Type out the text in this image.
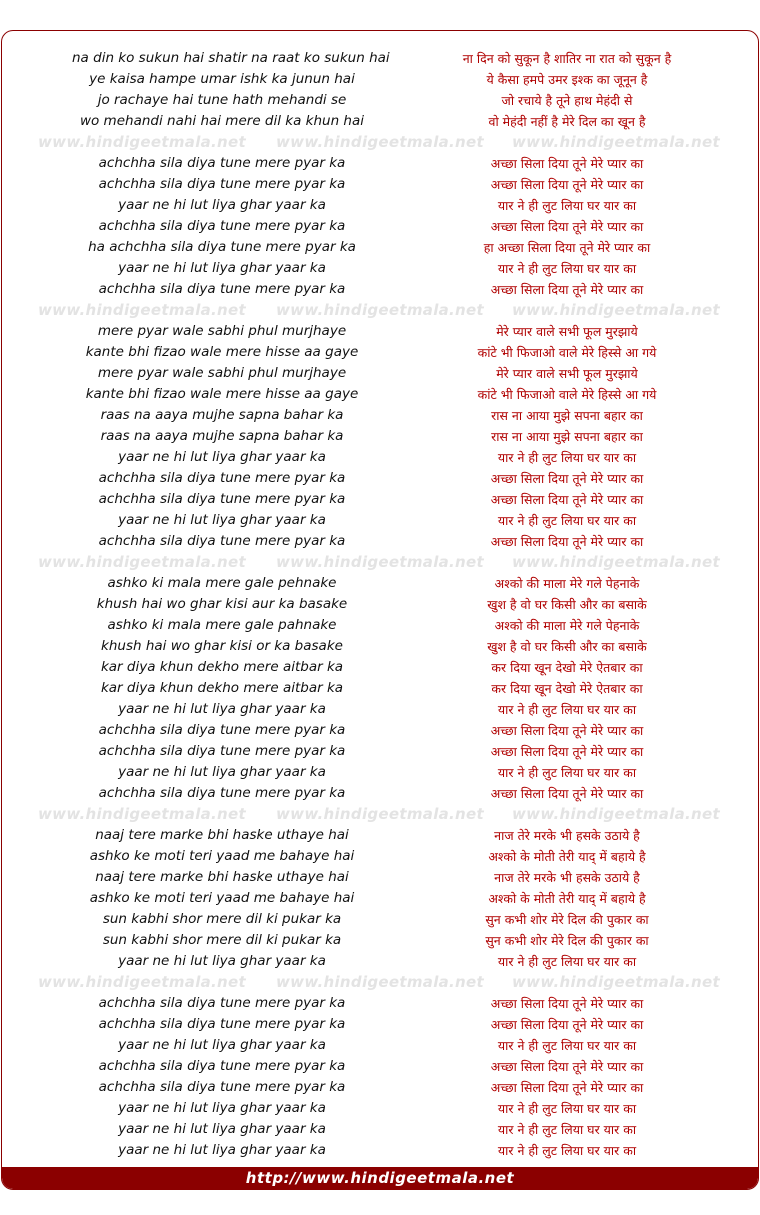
na din ko sukun hai shatir na raat ko sukun hai	ना दिन को सुकून है शातिर ना रात को सुकून है
ye kaisa hampe umar ishk ka junun hai	ये कैसा हमपे उमर इश्क का जूनून है
jo rachaye hai tune hath mehandi se	जो रचाये है तूने हाथ मेहंदी से
wo mehandi nahi hai mere dil ka khun hai	वो मेहंदी नहीं है मेरे दिल का खून है
www.hindigeetmala.net	www.hindigeetmala.net	www.hindigeetmala.net
achchha sila diya tune mere pyar ka	अच्छा सिला दिया तूने मेरे प्यार का
achchha sila diya tune mere pyar ka	अच्छा सिला दिया तूने मेरे प्यार का
yaar ne hi lut liya ghar yaar ka	यार ने ही लुट लिया घर यार का
achchha sila diya tune mere pyar ka	अच्छा सिला दिया तूने मेरे प्यार का
ha achchha sila diya tune mere pyar ka	हा अच्छा सिला दिया तूने मेरे प्यार का
yaar ne hi lut liya ghar yaar ka	यार ने ही लुट लिया घर यार का
achchha sila diya tune mere pyar ka	अच्छा सिला दिया तूने मेरे प्यार का
www.hindigeetmala.net	www.hindigeetmala.net	www.hindigeetmala.net
mere pyar wale sabhi phul murjhaye	मेरे प्यार वाले सभी फूल मुरझाये
kante bhi fizao wale mere hisse aa gaye	कांटे भी फिजाओ वाले मेरे हिस्से आ गये
mere pyar wale sabhi phul murjhaye	मेरे प्यार वाले सभी फूल मुरझाये
kante bhi fizao wale mere hisse aa gaye	कांटे भी फिजाओ वाले मेरे हिस्से आ गये
raas na aaya mujhe sapna bahar ka	रास ना आया मुझे सपना बहार का
raas na aaya mujhe sapna bahar ka	रास ना आया मुझे सपना बहार का
yaar ne hi lut liya ghar yaar ka	यार ने ही लुट लिया घर यार का
achchha sila diya tune mere pyar ka	अच्छा सिला दिया तूने मेरे प्यार का
achchha sila diya tune mere pyar ka	अच्छा सिला दिया तूने मेरे प्यार का
yaar ne hi lut liya ghar yaar ka	यार ने ही लुट लिया घर यार का
achchha sila diya tune mere pyar ka	अच्छा सिला दिया तूने मेरे प्यार का
www.hindigeetmala.net	www.hindigeetmala.net	www.hindigeetmala.net
ashko ki mala mere gale pehnake	अश्को की माला मेरे गले पेहनाके
khush hai wo ghar kisi aur ka basake	खुश है वो घर किसी और का बसाके
ashko ki mala mere gale pahnake	अश्को की माला मेरे गले पेहनाके
khush hai wo ghar kisi or ka basake	खुश है वो घर किसी और का बसाके
kar diya khun dekho mere aitbar ka	कर दिया खून देखो मेरे ऐतबार का
kar diya khun dekho mere aitbar ka	कर दिया खून देखो मेरे ऐतबार का
yaar ne hi lut liya ghar yaar ka	यार ने ही लुट लिया घर यार का
achchha sila diya tune mere pyar ka	अच्छा सिला दिया तूने मेरे प्यार का
achchha sila diya tune mere pyar ka	अच्छा सिला दिया तूने मेरे प्यार का
yaar ne hi lut liya ghar yaar ka	यार ने ही लुट लिया घर यार का
achchha sila diya tune mere pyar ka	अच्छा सिला दिया तूने मेरे प्यार का
www.hindigeetmala.net	www.hindigeetmala.net	www.hindigeetmala.net
naaj tere marke bhi haske uthaye hai	नाज तेरे मरके भी हसके उठाये है
ashko ke moti teri yaad me bahaye hai	अश्को के मोती तेरी याद् में बहाये है
naaj tere marke bhi haske uthaye hai	नाज तेरे मरके भी हसके उठाये है
ashko ke moti teri yaad me bahaye hai	अश्को के मोती तेरी याद् में बहाये है
sun kabhi shor mere dil ki pukar ka	सुन कभी शोर मेरे दिल की पुकार का
sun kabhi shor mere dil ki pukar ka	सुन कभी शोर मेरे दिल की पुकार का
yaar ne hi lut liya ghar yaar ka	यार ने ही लुट लिया घर यार का
www.hindigeetmala.net	www.hindigeetmala.net	www.hindigeetmala.net
achchha sila diya tune mere pyar ka	अच्छा सिला दिया तूने मेरे प्यार का
achchha sila diya tune mere pyar ka	अच्छा सिला दिया तूने मेरे प्यार का
yaar ne hi lut liya ghar yaar ka	यार ने ही लुट लिया घर यार का
achchha sila diya tune mere pyar ka	अच्छा सिला दिया तूने मेरे प्यार का
achchha sila diya tune mere pyar ka	अच्छा सिला दिया तूने मेरे प्यार का
yaar ne hi lut liya ghar yaar ka	यार ने ही लुट लिया घर यार का
yaar ne hi lut liya ghar yaar ka	यार ने ही लुट लिया घर यार का
yaar ne hi lut liya ghar yaar ka	यार ने ही लुट लिया घर यार का
http://www.hindigeetmala.net
